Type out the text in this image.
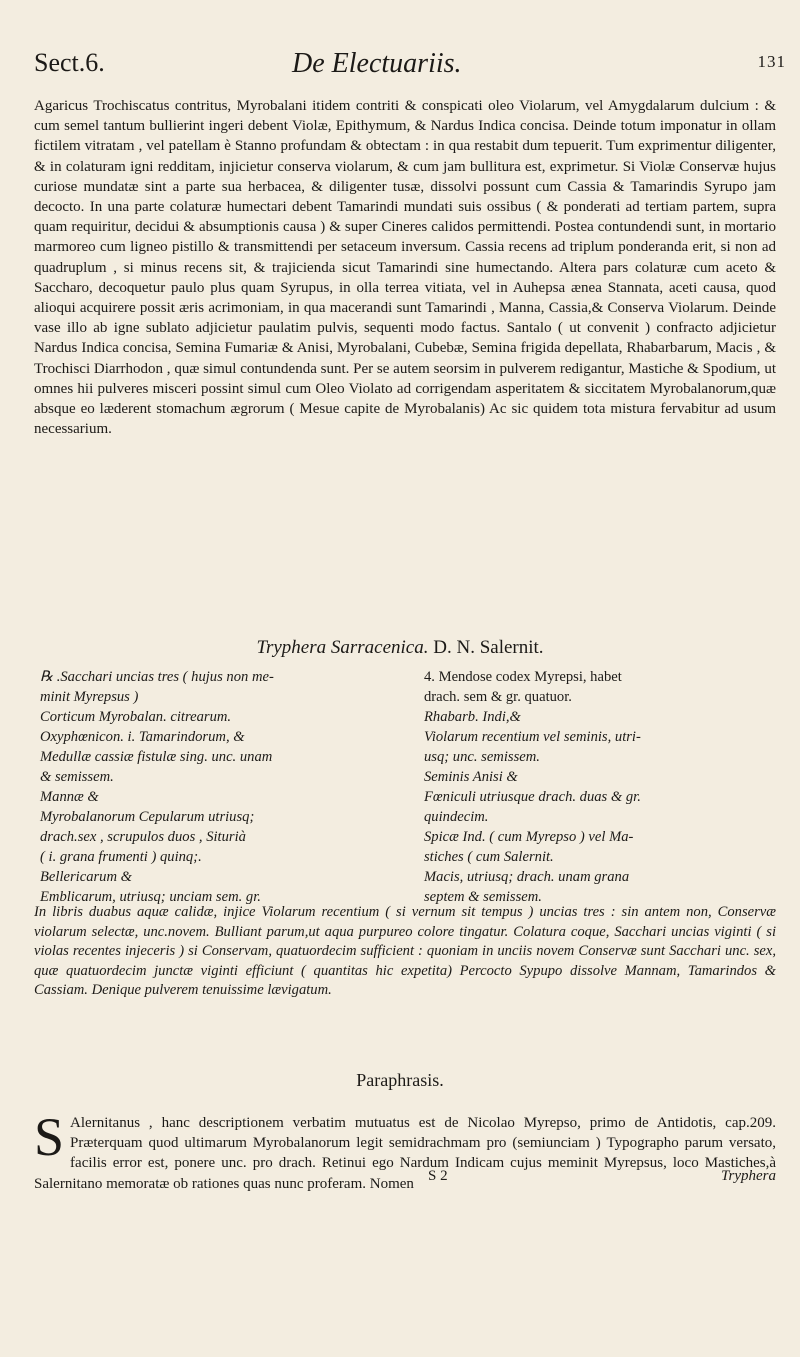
Sect.6.	De Electuariis.	131
Agaricus Trochiscatus contritus, Myrobalani itidem contriti & conspicati oleo Violarum, vel Amygdalarum dulcium : & cum semel tantum bullierint ingeri debent Violæ, Epithymum, & Nardus Indica concisa. Deinde totum imponatur in ollam fictilem vitratam , vel patellam è Stanno profundam & obtectam : in qua restabit dum tepuerit. Tum exprimentur diligenter, & in colaturam igni redditam, injicietur conserva violarum, & cum jam bullitura est, exprimetur. Si Violæ Conservæ hujus curiose mundatæ sint a parte sua herbacea, & diligenter tusæ, dissolvi possunt cum Cassia & Tamarindis Syrupo jam decocto. In una parte colaturæ humectari debent Tamarindi mundati suis ossibus ( & ponderati ad tertiam partem, supra quam requiritur, decidui & absumptionis causa ) & super Cineres calidos permittendi. Postea contundendi sunt, in mortario marmoreo cum ligneo pistillo & transmittendi per setaceum inversum. Cassia recens ad triplum ponderanda erit, si non ad quadruplum , si minus recens sit, & trajicienda sicut Tamarindi sine humectando. Altera pars colaturæ cum aceto & Saccharo, decoquetur paulo plus quam Syrupus, in olla terrea vitiata, vel in Auhepsa ænea Stannata, aceti causa, quod alioqui acquirere possit æris acrimoniam, in qua macerandi sunt Tamarindi , Manna, Cassia,& Conserva Violarum. Deinde vase illo ab igne sublato adjicietur paulatim pulvis, sequenti modo factus. Santalo ( ut convenit ) confracto adjicietur Nardus Indica concisa, Semina Fumariæ & Anisi, Myrobalani, Cubebæ, Semina frigida depellata, Rhabarbarum, Macis , & Trochisci Diarrhodon , quæ simul contundenda sunt. Per se autem seorsim in pulverem redigantur, Mastiche & Spodium, ut omnes hii pulveres misceri possint simul cum Oleo Violato ad corrigendam asperitatem & siccitatem Myrobalanorum,quæ absque eo læderent stomachum ægrorum ( Mesue capite de Myrobalanis) Ac sic quidem tota mistura fervabitur ad usum necessarium.
Tryphera Sarracenica. D. N. Salernit.
℞ .Sacchari uncias tres ( hujus non me-
minit Myrepsus )
Corticum Myrobalan. citrearum.
Oxyphœnicon. i. Tamarindorum, &
Medullæ cassiæ fistulæ sing. unc. unam
& semissem.
Mannæ &
Myrobalanorum Cepularum utriusq;
drach.sex , scrupulos duos , Siturià
( i. grana frumenti ) quinq;.
Bellericarum &
Emblicarum, utriusq; unciam sem. gr.
4. Mendose codex Myrepsi, habet
drach. sem & gr. quatuor.
Rhabarb. Indi,&
Violarum recentium vel seminis, utri-
usq; unc. semissem.
Seminis Anisi &
Fœniculi utriusque drach. duas & gr.
quindecim.
Spicæ Ind. ( cum Myrepso ) vel Ma-
stiches ( cum Salernit.
Macis, utriusq; drach. unam grana
septem & semissem.
In libris duabus aquæ calidæ, injice Violarum recentium ( si vernum sit tempus ) uncias tres : sin antem non, Conservæ violarum selectæ, unc.novem. Bulliant parum,ut aqua purpureo colore tingatur. Colatura coque, Sacchari uncias viginti ( si violas recentes injeceris ) si Conservam, quatuordecim sufficient : quoniam in unciis novem Conservæ sunt Sacchari unc. sex, quæ quatuordecim junctæ viginti efficiunt ( quantitas hic expetita) Percocto Sypupo dissolve Mannam, Tamarindos & Cassiam. Denique pulverem tenuissime lævigatum.
Paraphrasis.
S Alernitanus , hanc descriptionem verbatim mutuatus est de Nicolao Myrepso, primo de Antidotis, cap.209. Præterquam quod ultimarum Myrobalanorum legit semidrachmam pro (semiunciam ) Typographo parum versato, facilis error est, ponere unc. pro drach. Retinui ego Nardum Indicam cujus meminit Myrepsus, loco Mastiches,à Salernitano memoratæ ob rationes quas nunc proferam. Nomen S 2	Tryphera
